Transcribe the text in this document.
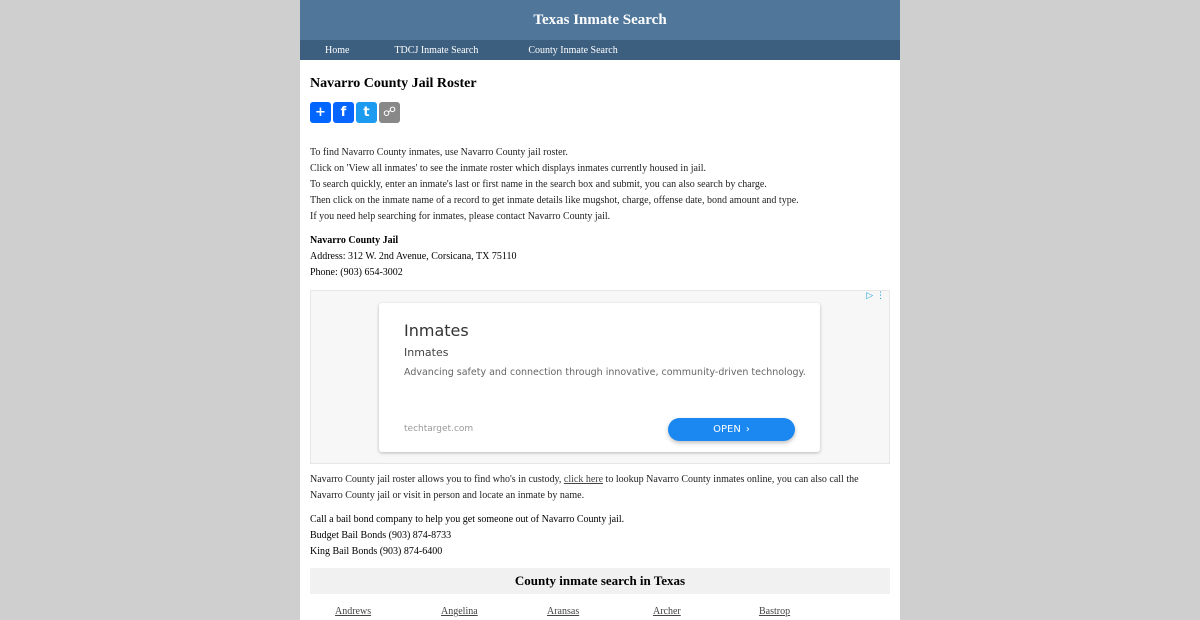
Texas Inmate Search
Home	TDCJ Inmate Search	County Inmate Search
Navarro County Jail Roster
+	f	t	☍
To find Navarro County inmates, use Navarro County jail roster.
Click on 'View all inmates' to see the inmate roster which displays inmates currently housed in jail.
To search quickly, enter an inmate's last or first name in the search box and submit, you can also search by charge.
Then click on the inmate name of a record to get inmate details like mugshot, charge, offense date, bond amount and type.
If you need help searching for inmates, please contact Navarro County jail.
Navarro County Jail
Address: 312 W. 2nd Avenue, Corsicana, TX 75110
Phone: (903) 654-3002
▷ ⋮
Inmates
Inmates
Advancing safety and connection through innovative, community-driven technology.
techtarget.com	OPEN ›

Navarro County jail roster allows you to find who's in custody, click here to lookup Navarro County inmates online, you can also call the Navarro County jail or visit in person and locate an inmate by name.

Call a bail bond company to help you get someone out of Navarro County jail.
Budget Bail Bonds (903) 874-8733
King Bail Bonds (903) 874-6400
County inmate search in Texas
Andrews	Angelina	Aransas	Archer	Bastrop
